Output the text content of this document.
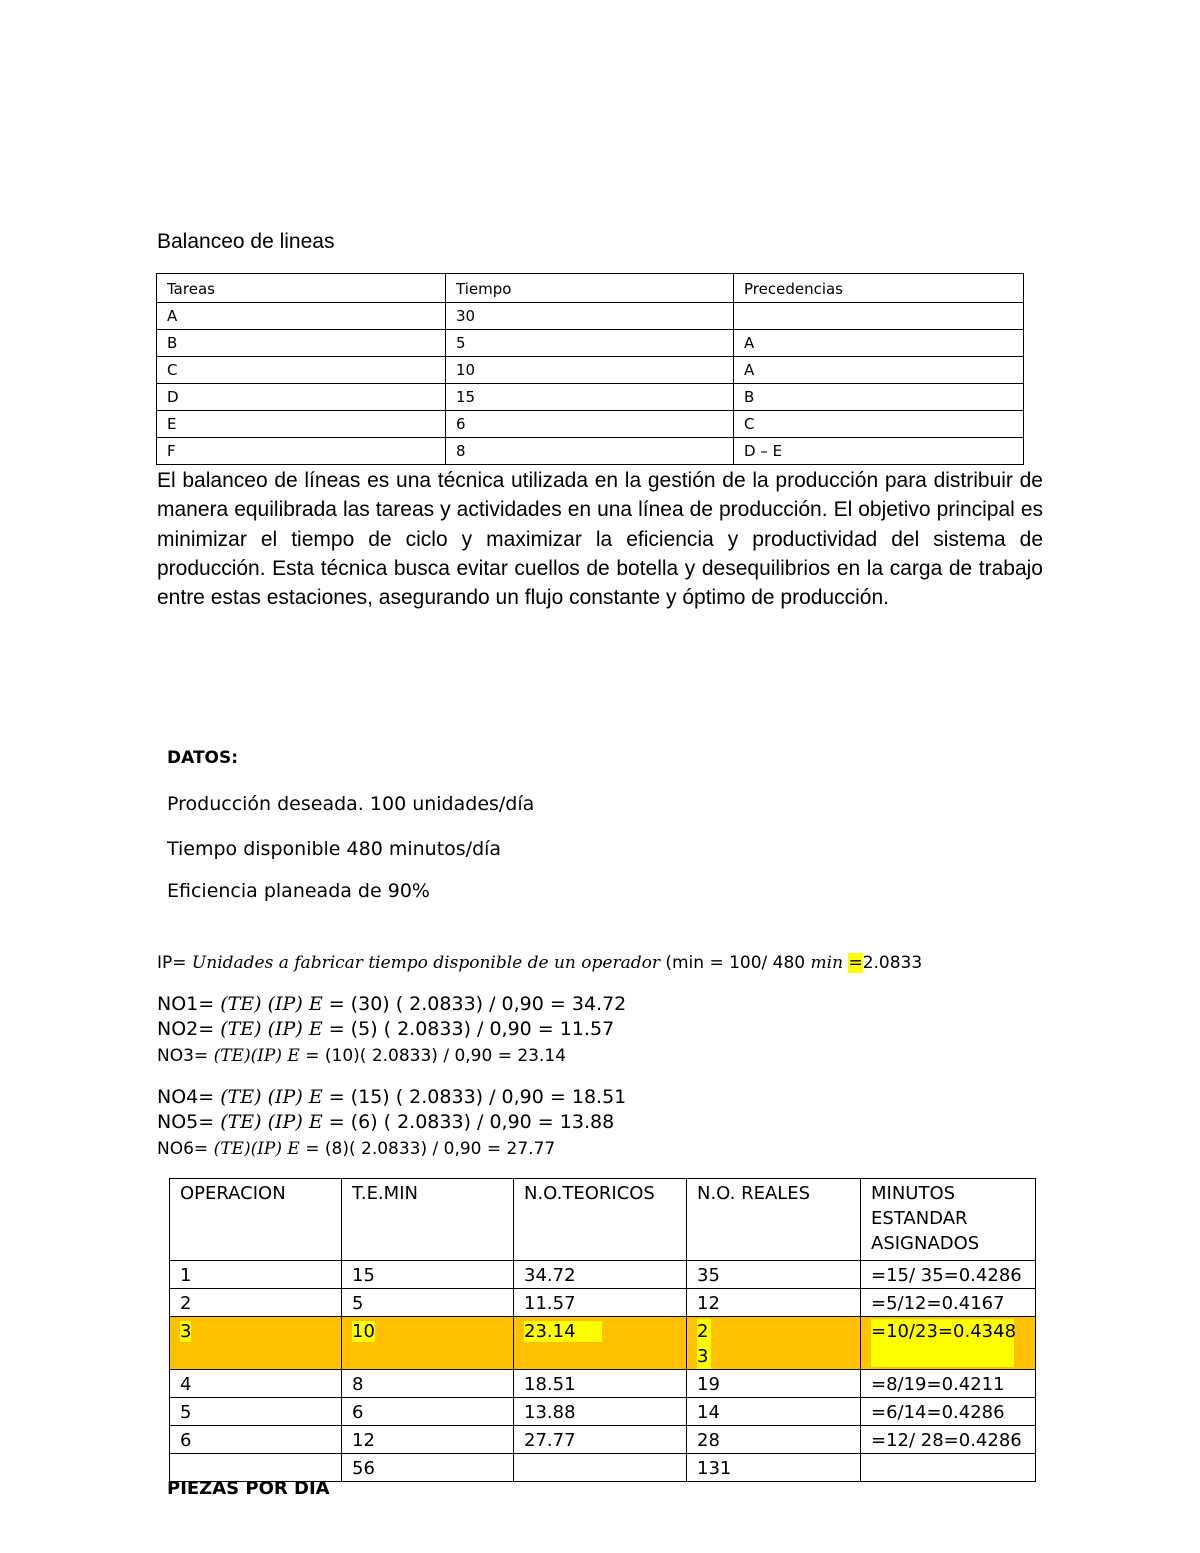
Balanceo de lineas
Tareas	Tiempo	Precedencias
A	30	
B	5	A
C	10	A
D	15	B
E	6	C
F	8	D – E

El balanceo de líneas es una técnica utilizada en la gestión de la producción para distribuir de manera equilibrada las tareas y actividades en una línea de producción. El objetivo principal es minimizar el tiempo de ciclo y maximizar la eficiencia y productividad del sistema de producción. Esta técnica busca evitar cuellos de botella y desequilibrios en la carga de trabajo entre estas estaciones, asegurando un flujo constante y óptimo de producción.

DATOS:
Producción deseada. 100 unidades/día
Tiempo disponible 480 minutos/día
Eficiencia planeada de 90%
IP= Unidades a fabricar tiempo disponible de un operador (min = 100/ 480 min =2.0833
NO1= (TE) (IP) E = (30) ( 2.0833) / 0,90 = 34.72
NO2= (TE) (IP) E = (5) ( 2.0833) / 0,90 = 11.57
NO3= (TE)(IP) E = (10)( 2.0833) / 0,90 = 23.14
NO4= (TE) (IP) E = (15) ( 2.0833) / 0,90 = 18.51
NO5= (TE) (IP) E = (6) ( 2.0833) / 0,90 = 13.88
NO6= (TE)(IP) E = (8)( 2.0833) / 0,90 = 27.77
OPERACION	T.E.MIN	N.O.TEORICOS	N.O. REALES	MINUTOS ESTANDAR ASIGNADOS
1	15	34.72	35	=15/ 35=0.4286
2	5	11.57	12	=5/12=0.4167
3	10	23.14	2 3	=10/23=0.4348
4	8	18.51	19	=8/19=0.4211
5	6	13.88	14	=6/14=0.4286
6	12	27.77	28	=12/ 28=0.4286
	56		131	
PIEZAS POR DIA
